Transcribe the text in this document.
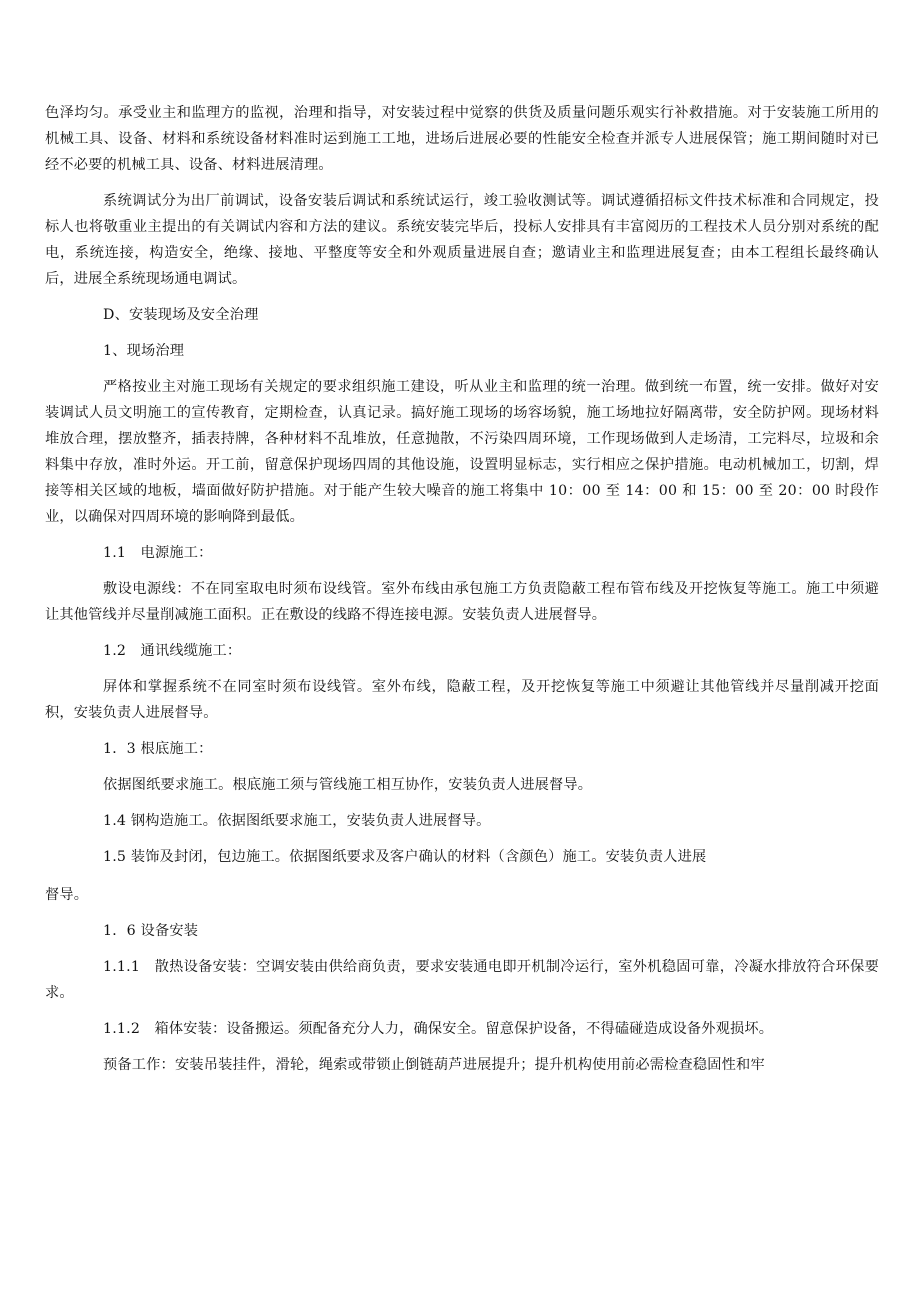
色泽均匀。承受业主和监理方的监视，治理和指导，对安装过程中觉察的供货及质量问题乐观实行补救措施。对于安装施工所用的机械工具、设备、材料和系统设备材料准时运到施工工地，进场后进展必要的性能安全检查并派专人进展保管；施工期间随时对已经不必要的机械工具、设备、材料进展清理。

系统调试分为出厂前调试，设备安装后调试和系统试运行，竣工验收测试等。调试遵循招标文件技术标准和合同规定，投标人也将敬重业主提出的有关调试内容和方法的建议。系统安装完毕后，投标人安排具有丰富阅历的工程技术人员分别对系统的配电，系统连接，构造安全，绝缘、接地、平整度等安全和外观质量进展自查；邀请业主和监理进展复查；由本工程组长最终确认后，进展全系统现场通电调试。

D、安装现场及安全治理

1、现场治理

严格按业主对施工现场有关规定的要求组织施工建设，听从业主和监理的统一治理。做到统一布置，统一安排。做好对安装调试人员文明施工的宣传教育，定期检查，认真记录。搞好施工现场的场容场貌，施工场地拉好隔离带，安全防护网。现场材料堆放合理，摆放整齐，插表持牌，各种材料不乱堆放，任意抛散，不污染四周环境，工作现场做到人走场清，工完料尽，垃圾和余料集中存放，准时外运。开工前，留意保护现场四周的其他设施，设置明显标志，实行相应之保护措施。电动机械加工，切割，焊接等相关区域的地板，墙面做好防护措施。对于能产生较大噪音的施工将集中 10：00 至 14：00 和 15：00 至 20：00 时段作业，以确保对四周环境的影响降到最低。

1.1　电源施工：

敷设电源线：不在同室取电时须布设线管。室外布线由承包施工方负责隐蔽工程布管布线及开挖恢复等施工。施工中须避让其他管线并尽量削减施工面积。正在敷设的线路不得连接电源。安装负责人进展督导。

1.2　通讯线缆施工：

屏体和掌握系统不在同室时须布设线管。室外布线，隐蔽工程，及开挖恢复等施工中须避让其他管线并尽量削减开挖面积，安装负责人进展督导。

1．3 根底施工：

依据图纸要求施工。根底施工须与管线施工相互协作，安装负责人进展督导。

1.4 钢构造施工。依据图纸要求施工，安装负责人进展督导。

1.5 装饰及封闭，包边施工。依据图纸要求及客户确认的材料（含颜色）施工。安装负责人进展

督导。

1．6 设备安装

1.1.1　散热设备安装：空调安装由供给商负责，要求安装通电即开机制冷运行，室外机稳固可靠，冷凝水排放符合环保要求。

1.1.2　箱体安装：设备搬运。须配备充分人力，确保安全。留意保护设备，不得磕碰造成设备外观损坏。

预备工作：安装吊装挂件，滑轮，绳索或带锁止倒链葫芦进展提升；提升机构使用前必需检查稳固性和牢
